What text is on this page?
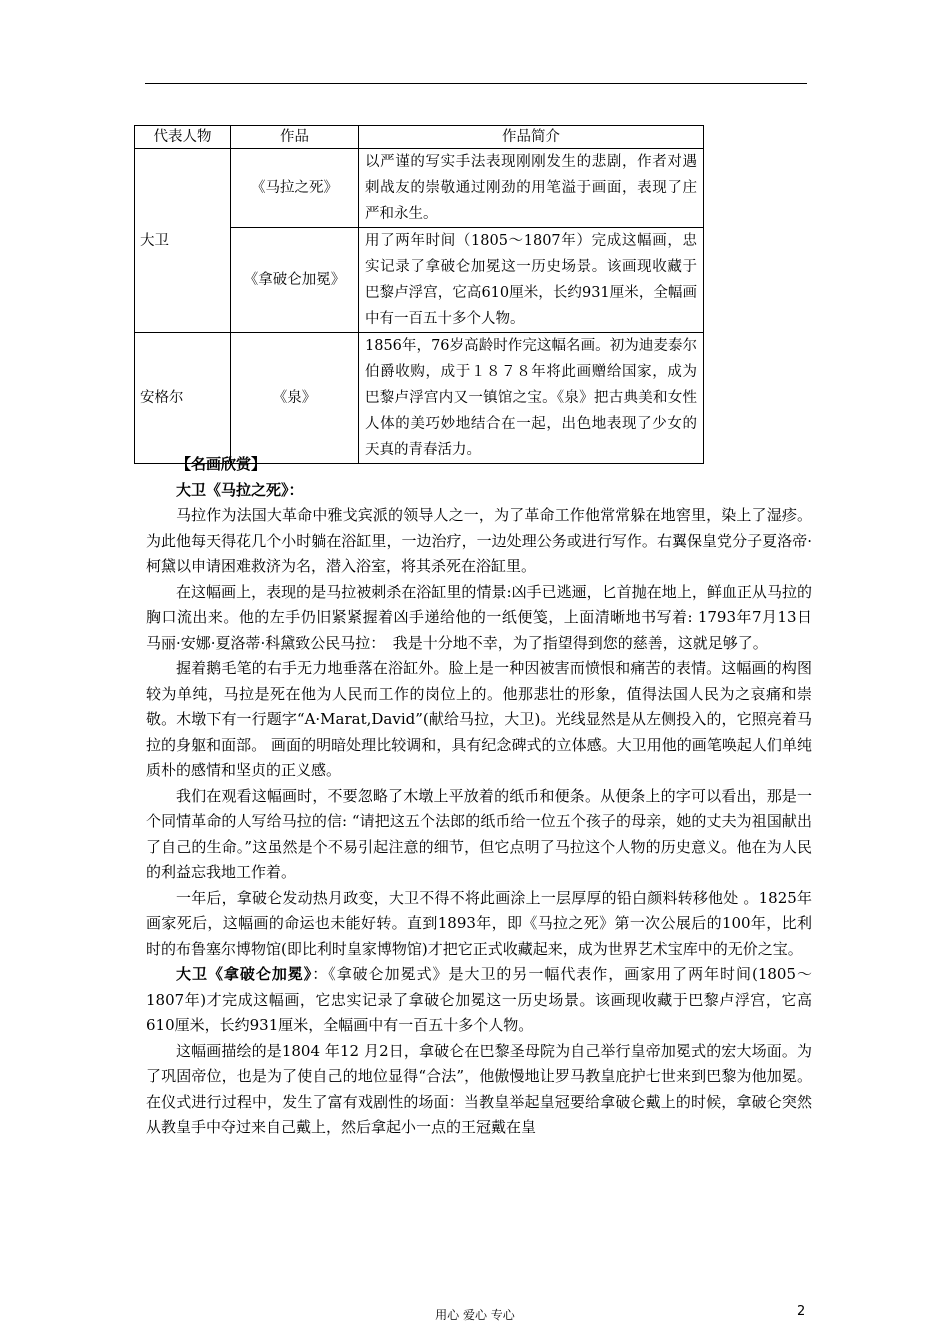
代表人物	作品	作品简介
大卫	《马拉之死》	以严谨的写实手法表现刚刚发生的悲剧，作者对遇刺战友的崇敬通过刚劲的用笔溢于画面，表现了庄严和永生。
	《拿破仑加冕》	用了两年时间（1805～1807年）完成这幅画，忠实记录了拿破仑加冕这一历史场景。该画现收藏于巴黎卢浮宫，它高610厘米，长约931厘米，全幅画中有一百五十多个人物。
安格尔	《泉》	1856年，76岁高龄时作完这幅名画。初为迪麦泰尔伯爵收购，成于１８７８年将此画赠给国家，成为巴黎卢浮宫内又一镇馆之宝。《泉》把古典美和女性人体的美巧妙地结合在一起，出色地表现了少女的天真的青春活力。

【名画欣赏】

大卫《马拉之死》：

马拉作为法国大革命中雅戈宾派的领导人之一，为了革命工作他常常躲在地窖里，染上了湿疹。为此他每天得花几个小时躺在浴缸里，一边治疗，一边处理公务或进行写作。右翼保皇党分子夏洛帝·柯黛以申请困难救济为名，潜入浴室，将其杀死在浴缸里。

在这幅画上，表现的是马拉被刺杀在浴缸里的情景:凶手已逃逦，匕首抛在地上，鲜血正从马拉的胸口流出来。他的左手仍旧紧紧握着凶手递给他的一纸便笺，上面清晰地书写着: 1793年7月13日　　马丽·安娜·夏洛蒂·科黛致公民马拉：　我是十分地不幸，为了指望得到您的慈善，这就足够了。

握着鹅毛笔的右手无力地垂落在浴缸外。脸上是一种因被害而愤恨和痛苦的表情。这幅画的构图较为单纯，马拉是死在他为人民而工作的岗位上的。他那悲壮的形象，值得法国人民为之哀痛和崇敬。木墩下有一行题字“A·Marat,David”(献给马拉，大卫)。光线显然是从左侧投入的，它照亮着马拉的身躯和面部。 画面的明暗处理比较调和，具有纪念碑式的立体感。大卫用他的画笔唤起人们单纯质朴的感情和坚贞的正义感。

我们在观看这幅画时，不要忽略了木墩上平放着的纸币和便条。从便条上的字可以看出，那是一个同情革命的人写给马拉的信: “请把这五个法郎的纸币给一位五个孩子的母亲，她的丈夫为祖国献出了自己的生命。”这虽然是个不易引起注意的细节，但它点明了马拉这个人物的历史意义。他在为人民的利益忘我地工作着。

一年后，拿破仑发动热月政变，大卫不得不将此画涂上一层厚厚的铅白颜料转移他处 。1825年画家死后，这幅画的命运也未能好转。直到1893年，即《马拉之死》第一次公展后的100年，比利时的布鲁塞尔博物馆(即比利时皇家博物馆)才把它正式收藏起来，成为世界艺术宝库中的无价之宝。

大卫《拿破仑加冕》：《拿破仑加冕式》是大卫的另一幅代表作，画家用了两年时间(1805～1807年)才完成这幅画，它忠实记录了拿破仑加冕这一历史场景。该画现收藏于巴黎卢浮宫，它高610厘米，长约931厘米，全幅画中有一百五十多个人物。

这幅画描绘的是1804 年12 月2日，拿破仑在巴黎圣母院为自己举行皇帝加冕式的宏大场面。为了巩固帝位，也是为了使自己的地位显得“合法”，他傲慢地让罗马教皇庇护七世来到巴黎为他加冕。在仪式进行过程中，发生了富有戏剧性的场面：当教皇举起皇冠要给拿破仑戴上的时候，拿破仑突然从教皇手中夺过来自己戴上，然后拿起小一点的王冠戴在皇

用心 爱心 专心	2
